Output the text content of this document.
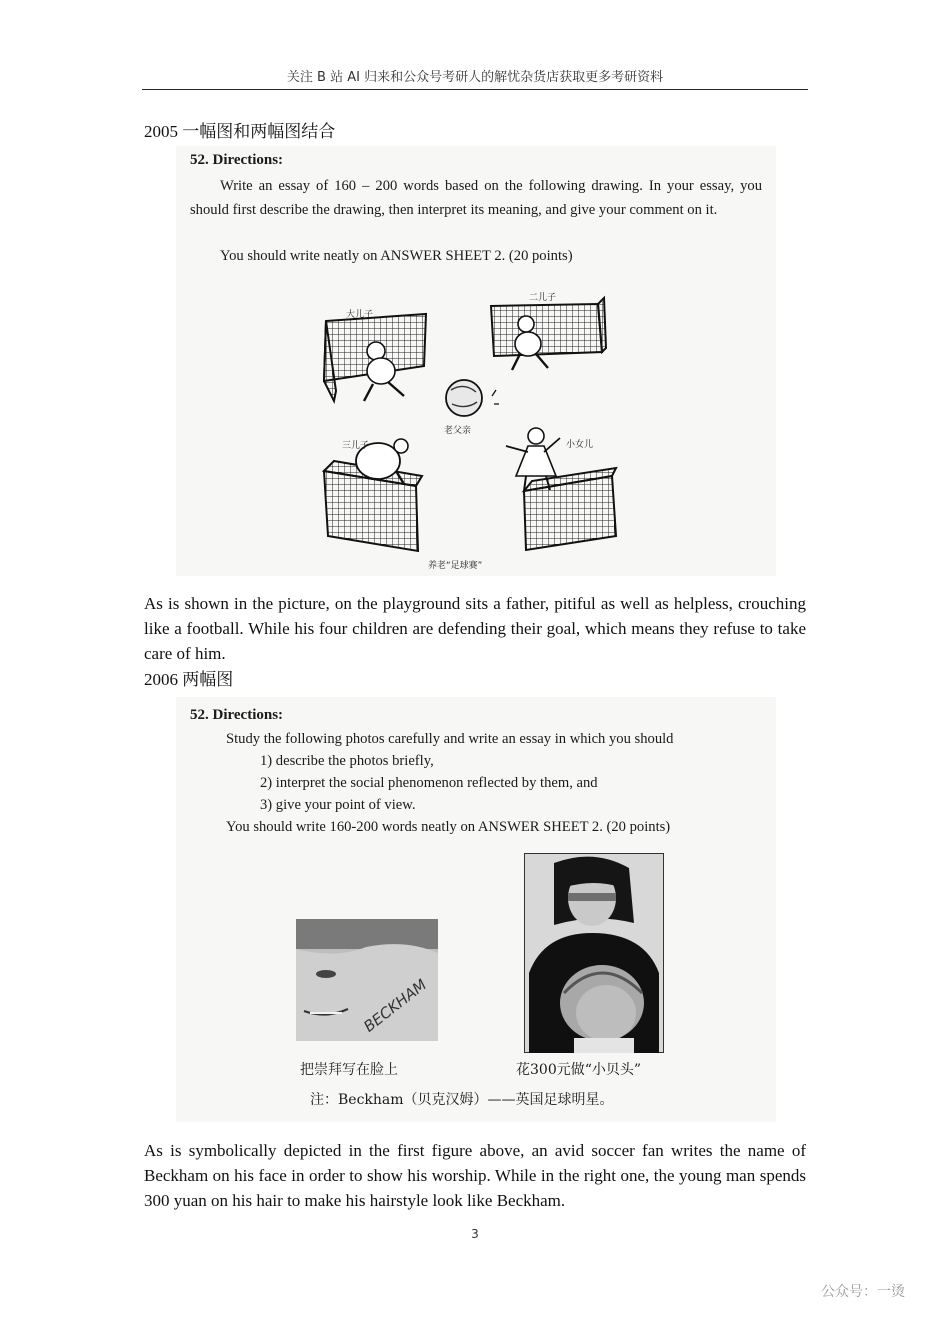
关注 B 站 AI 归来和公众号考研人的解忧杂货店获取更多考研资料
2005 一幅图和两幅图结合
52. Directions:
Write an essay of 160 – 200 words based on the following drawing. In your essay, you should first describe the drawing, then interpret its meaning, and give your comment on it.
You should write neatly on ANSWER SHEET 2. (20 points)
大儿子
二儿子
老父亲
三儿子	小女儿
养老“足球赛”
As is shown in the picture, on the playground sits a father, pitiful as well as helpless, crouching like a football. While his four children are defending their goal, which means they refuse to take care of him.
2006 两幅图
52. Directions:
Study the following photos carefully and write an essay in which you should
1) describe the photos briefly,
2) interpret the social phenomenon reflected by them, and
3) give your point of view.
You should write 160-200 words neatly on ANSWER SHEET 2. (20 points)
BECKHAM
把崇拜写在脸上	花300元做“小贝头”
注：Beckham（贝克汉姆）——英国足球明星。
As is symbolically depicted in the first figure above, an avid soccer fan writes the name of Beckham on his face in order to show his worship. While in the right one, the young man spends 300 yuan on his hair to make his hairstyle look like Beckham.
3
公众号：一烫
